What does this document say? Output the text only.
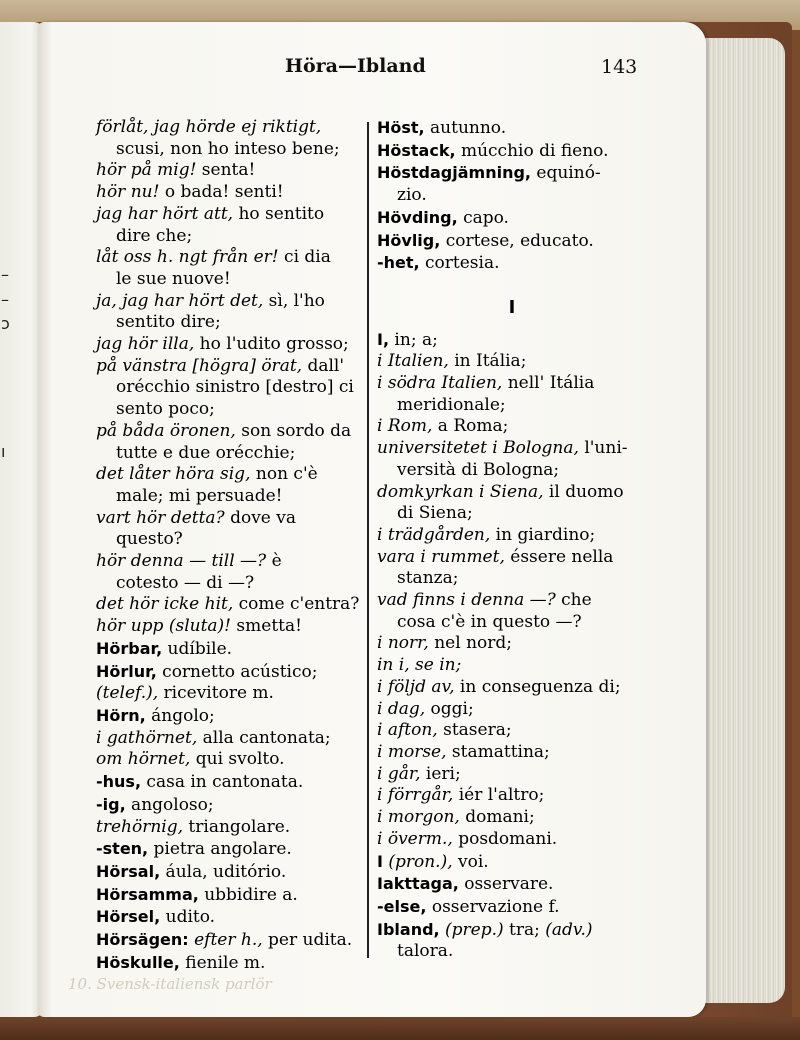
–
–
ɔ
ı
Höra—Ibland	143
förlåt, jag hörde ej riktigt,
scusi, non ho inteso bene;
hör på mig! senta!
hör nu! o bada! senti!
jag har hört att, ho sentito
dire che;
låt oss h. ngt från er! ci dia
le sue nuove!
ja, jag har hört det, sì, l'ho
sentito dire;
jag hör illa, ho l'udito grosso;
på vänstra [högra] örat, dall'
orécchio sinistro [destro] ci
sento poco;
på båda öronen, son sordo da
tutte e due orécchie;
det låter höra sig, non c'è
male; mi persuade!
vart hör detta? dove va
questo?
hör denna — till —? è
cotesto — di —?
det hör icke hit, come c'entra?
hör upp (sluta)! smetta!
Hörbar, udíbile.
Hörlur, cornetto acústico;
(telef.), ricevitore m.
Hörn, ángolo;
i gathörnet, alla cantonata;
om hörnet, qui svolto.
-hus, casa in cantonata.
-ig, angoloso;
trehörnig, triangolare.
-sten, pietra angolare.
Hörsal, áula, uditório.
Hörsamma, ubbidire a.
Hörsel, udito.
Hörsägen: efter h., per udita.
Höskulle, fienile m.
Höst, autunno.
Höstack, múcchio di fieno.
Höstdagjämning, equinó-
zio.
Hövding, capo.
Hövlig, cortese, educato.
-het, cortesia.
I
I, in; a;
i Italien, in Itália;
i södra Italien, nell' Itália
meridionale;
i Rom, a Roma;
universitetet i Bologna, l'uni-
versità di Bologna;
domkyrkan i Siena, il duomo
di Siena;
i trädgården, in giardino;
vara i rummet, éssere nella
stanza;
vad finns i denna —? che
cosa c'è in questo —?
i norr, nel nord;
in i, se in;
i följd av, in conseguenza di;
i dag, oggi;
i afton, stasera;
i morse, stamattina;
i går, ieri;
i förrgår, iér l'altro;
i morgon, domani;
i överm., posdomani.
I (pron.), voi.
Iakttaga, osservare.
-else, osservazione f.
Ibland, (prep.) tra; (adv.)
talora.
10. Svensk-italiensk parlör
